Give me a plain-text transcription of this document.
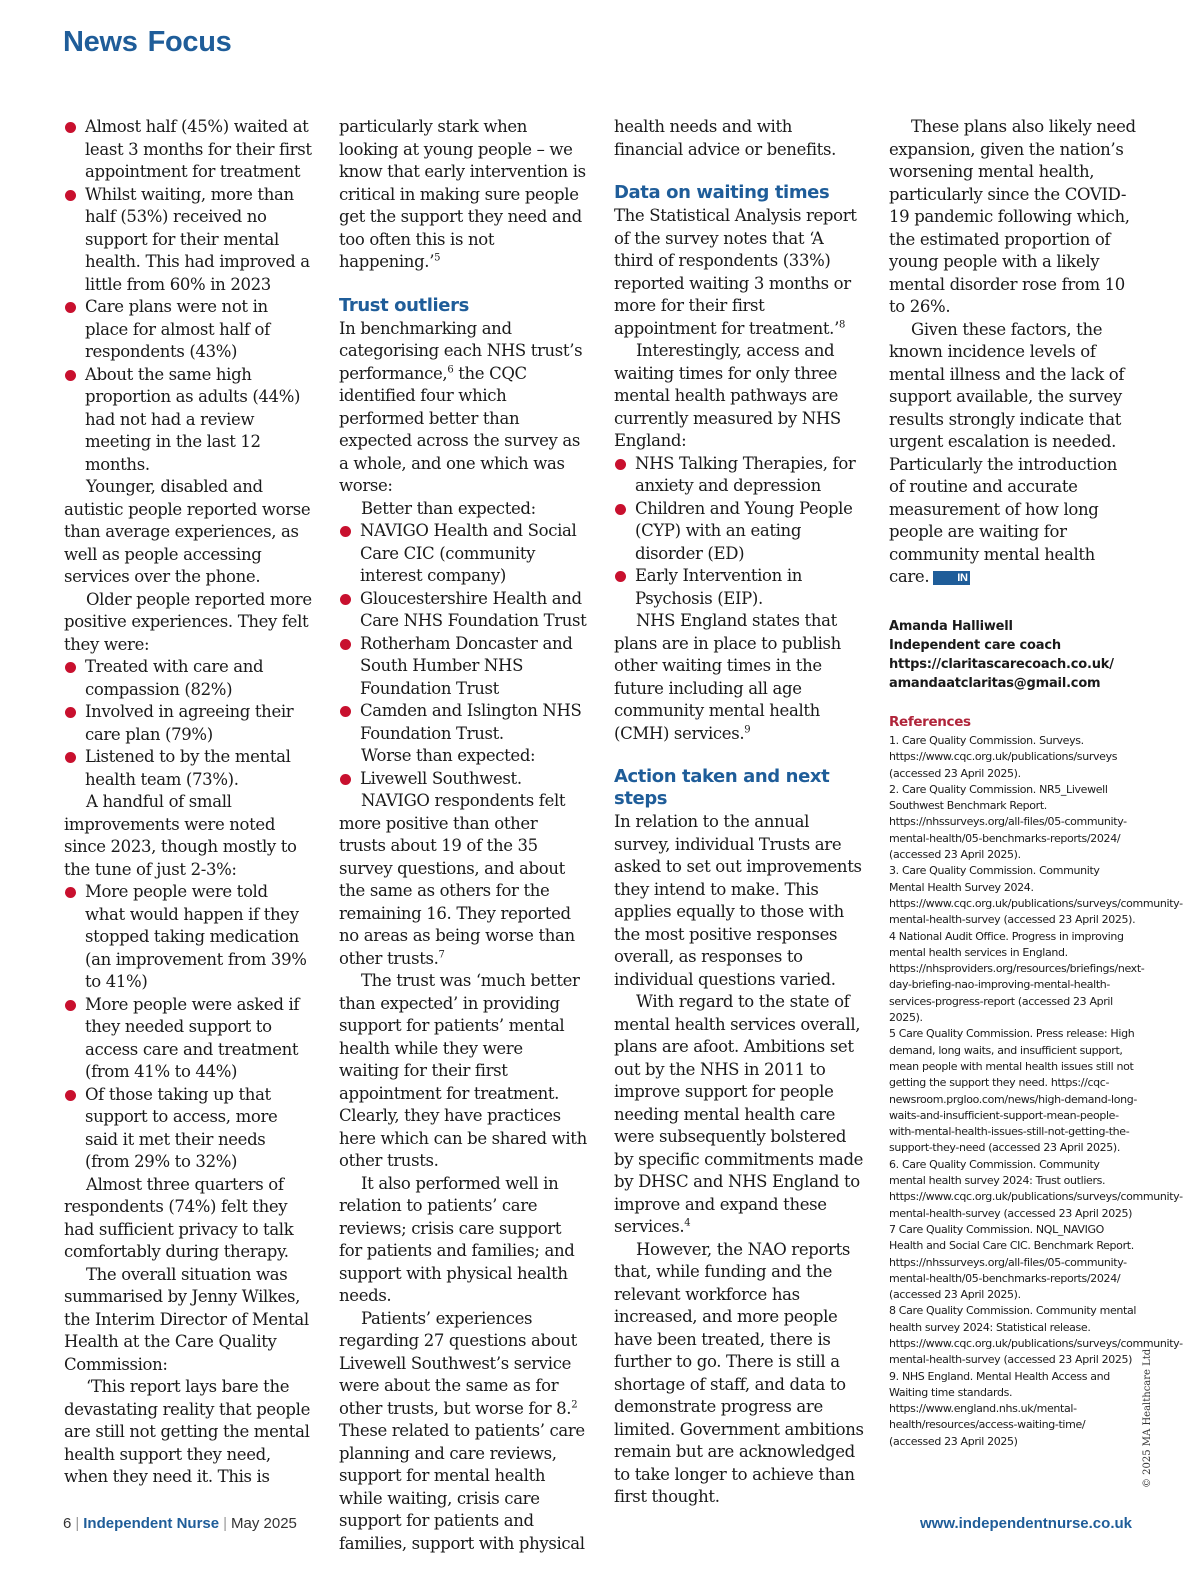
News Focus
Almost half (45%) waited at least 3 months for their first appointment for treatment
Whilst waiting, more than half (53%) received no support for their mental health. This had improved a little from 60% in 2023
Care plans were not in place for almost half of respondents (43%)
About the same high proportion as adults (44%) had not had a review meeting in the last 12 months.

Younger, disabled and autistic people reported worse than average experiences, as well as people accessing services over the phone.

Older people reported more positive experiences. They felt they were:

Treated with care and compassion (82%)
Involved in agreeing their care plan (79%)
Listened to by the mental health team (73%).

A handful of small improvements were noted since 2023, though mostly to the tune of just 2-3%:

More people were told what would happen if they stopped taking medication (an improvement from 39% to 41%)
More people were asked if they needed support to access care and treatment (from 41% to 44%)
Of those taking up that support to access, more said it met their needs (from 29% to 32%)

Almost three quarters of respondents (74%) felt they had sufficient privacy to talk comfortably during therapy.

The overall situation was summarised by Jenny Wilkes, the Interim Director of Mental Health at the Care Quality Commission:

‘This report lays bare the devastating reality that people are still not getting the mental health support they need, when they need it. This is

particularly stark when looking at young people – we know that early intervention is critical in making sure people get the support they need and too often this is not happening.’$^5$

Trust outliers

In benchmarking and categorising each NHS trust’s performance,$^6$ the CQC identified four which performed better than expected across the survey as a whole, and one which was worse:

Better than expected:

NAVIGO Health and Social Care CIC (community interest company)
Gloucestershire Health and Care NHS Foundation Trust
Rotherham Doncaster and South Humber NHS Foundation Trust
Camden and Islington NHS Foundation Trust.

Worse than expected:

Livewell Southwest.

NAVIGO respondents felt more positive than other trusts about 19 of the 35 survey questions, and about the same as others for the remaining 16. They reported no areas as being worse than other trusts.$^7$

The trust was ‘much better than expected’ in providing support for patients’ mental health while they were waiting for their first appointment for treatment. Clearly, they have practices here which can be shared with other trusts.

It also performed well in relation to patients’ care reviews; crisis care support for patients and families; and support with physical health needs.

Patients’ experiences regarding 27 questions about Livewell Southwest’s service were about the same as for other trusts, but worse for 8.$^2$ These related to patients’ care planning and care reviews, support for mental health while waiting, crisis care support for patients and families, support with physical

health needs and with financial advice or benefits.

Data on waiting times

The Statistical Analysis report of the survey notes that ‘A third of respondents (33%) reported waiting 3 months or more for their first appointment for treatment.’$^8$

Interestingly, access and waiting times for only three mental health pathways are currently measured by NHS England:

NHS Talking Therapies, for anxiety and depression
Children and Young People (CYP) with an eating disorder (ED)
Early Intervention in Psychosis (EIP).

NHS England states that plans are in place to publish other waiting times in the future including all age community mental health (CMH) services.$^9$

Action taken and next steps

In relation to the annual survey, individual Trusts are asked to set out improvements they intend to make. This applies equally to those with the most positive responses overall, as responses to individual questions varied.

With regard to the state of mental health services overall, plans are afoot. Ambitions set out by the NHS in 2011 to improve support for people needing mental health care were subsequently bolstered by specific commitments made by DHSC and NHS England to improve and expand these services.$^4$

However, the NAO reports that, while funding and the relevant workforce has increased, and more people have been treated, there is further to go. There is still a shortage of staff, and data to demonstrate progress are limited. Government ambitions remain but are acknowledged to take longer to achieve than first thought.

These plans also likely need expansion, given the nation’s worsening mental health, particularly since the COVID-19 pandemic following which, the estimated proportion of young people with a likely mental disorder rose from 10 to 26%.

Given these factors, the known incidence levels of mental illness and the lack of support available, the survey results strongly indicate that urgent escalation is needed. Particularly the introduction of routine and accurate measurement of how long people are waiting for community mental health care.	IN

Amanda Halliwell
Independent care coach
https://claritascarecoach.co.uk/
amandaatclaritas@gmail.com
References

1. Care Quality Commission. Surveys. https://www.cqc.org.uk/publications/surveys (accessed 23 April 2025).

2. Care Quality Commission. NR5_Livewell Southwest Benchmark Report. https://nhssurveys.org/all-files/05-community-mental-health/05-benchmarks-reports/2024/ (accessed 23 April 2025).

3. Care Quality Commission. Community Mental Health Survey 2024. https://www.cqc.org.uk/publications/surveys/community-mental-health-survey (accessed 23 April 2025).

4 National Audit Office. Progress in improving mental health services in England. https://nhsproviders.org/resources/briefings/next-day-briefing-nao-improving-mental-health-services-progress-report (accessed 23 April 2025).

5 Care Quality Commission. Press release: High demand, long waits, and insufficient support, mean people with mental health issues still not getting the support they need. https://cqc-newsroom.prgloo.com/news/high-demand-long-waits-and-insufficient-support-mean-people-with-mental-health-issues-still-not-getting-the-support-they-need (accessed 23 April 2025).

6. Care Quality Commission. Community mental health survey 2024: Trust outliers. https://www.cqc.org.uk/publications/surveys/community-mental-health-survey (accessed 23 April 2025)

7 Care Quality Commission. NQL_NAVIGO Health and Social Care CIC. Benchmark Report. https://nhssurveys.org/all-files/05-community-mental-health/05-benchmarks-reports/2024/ (accessed 23 April 2025).

8 Care Quality Commission. Community mental health survey 2024: Statistical release. https://www.cqc.org.uk/publications/surveys/community-mental-health-survey (accessed 23 April 2025)

9. NHS England. Mental Health Access and Waiting time standards. https://www.england.nhs.uk/mental-health/resources/access-waiting-time/ (accessed 23 April 2025)	© 2025 MA Healthcare Ltd
6 | Independent Nurse | May 2025	www.independentnurse.co.uk
